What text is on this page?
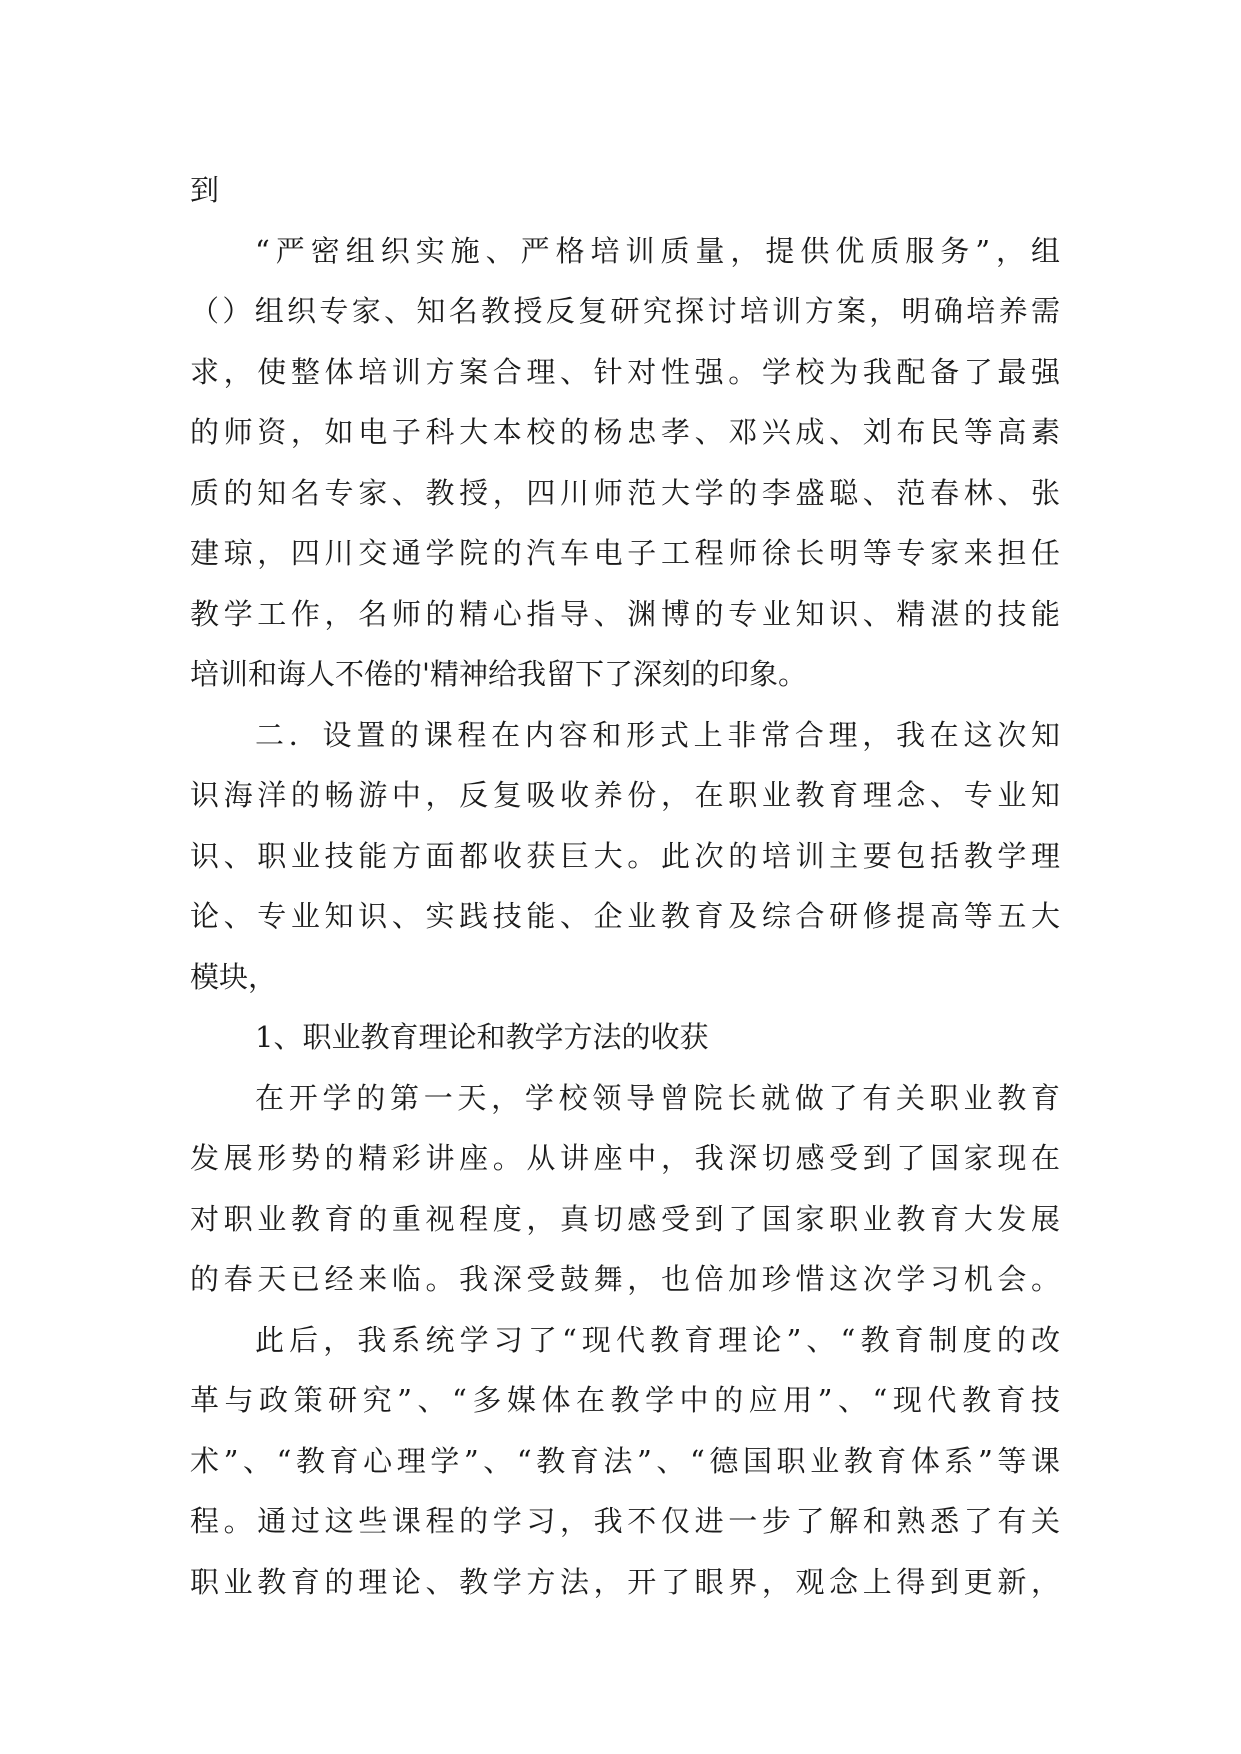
到
“严密组织实施、严格培训质量，提供优质服务”，组
（）组织专家、知名教授反复研究探讨培训方案，明确培养需
求，使整体培训方案合理、针对性强。学校为我配备了最强
的师资，如电子科大本校的杨忠孝、邓兴成、刘布民等高素
质的知名专家、教授，四川师范大学的李盛聪、范春林、张
建琼，四川交通学院的汽车电子工程师徐长明等专家来担任
教学工作，名师的精心指导、渊博的专业知识、精湛的技能
培训和诲人不倦的'精神给我留下了深刻的印象。
二．设置的课程在内容和形式上非常合理，我在这次知
识海洋的畅游中，反复吸收养份，在职业教育理念、专业知
识、职业技能方面都收获巨大。此次的培训主要包括教学理
论、专业知识、实践技能、企业教育及综合研修提高等五大
模块，
1、职业教育理论和教学方法的收获
在开学的第一天，学校领导曾院长就做了有关职业教育
发展形势的精彩讲座。从讲座中，我深切感受到了国家现在
对职业教育的重视程度，真切感受到了国家职业教育大发展
的春天已经来临。我深受鼓舞，也倍加珍惜这次学习机会。
此后，我系统学习了“现代教育理论”、“教育制度的改
革与政策研究”、“多媒体在教学中的应用”、“现代教育技
术”、“教育心理学”、“教育法”、“德国职业教育体系”等课
程。通过这些课程的学习，我不仅进一步了解和熟悉了有关
职业教育的理论、教学方法，开了眼界，观念上得到更新，
